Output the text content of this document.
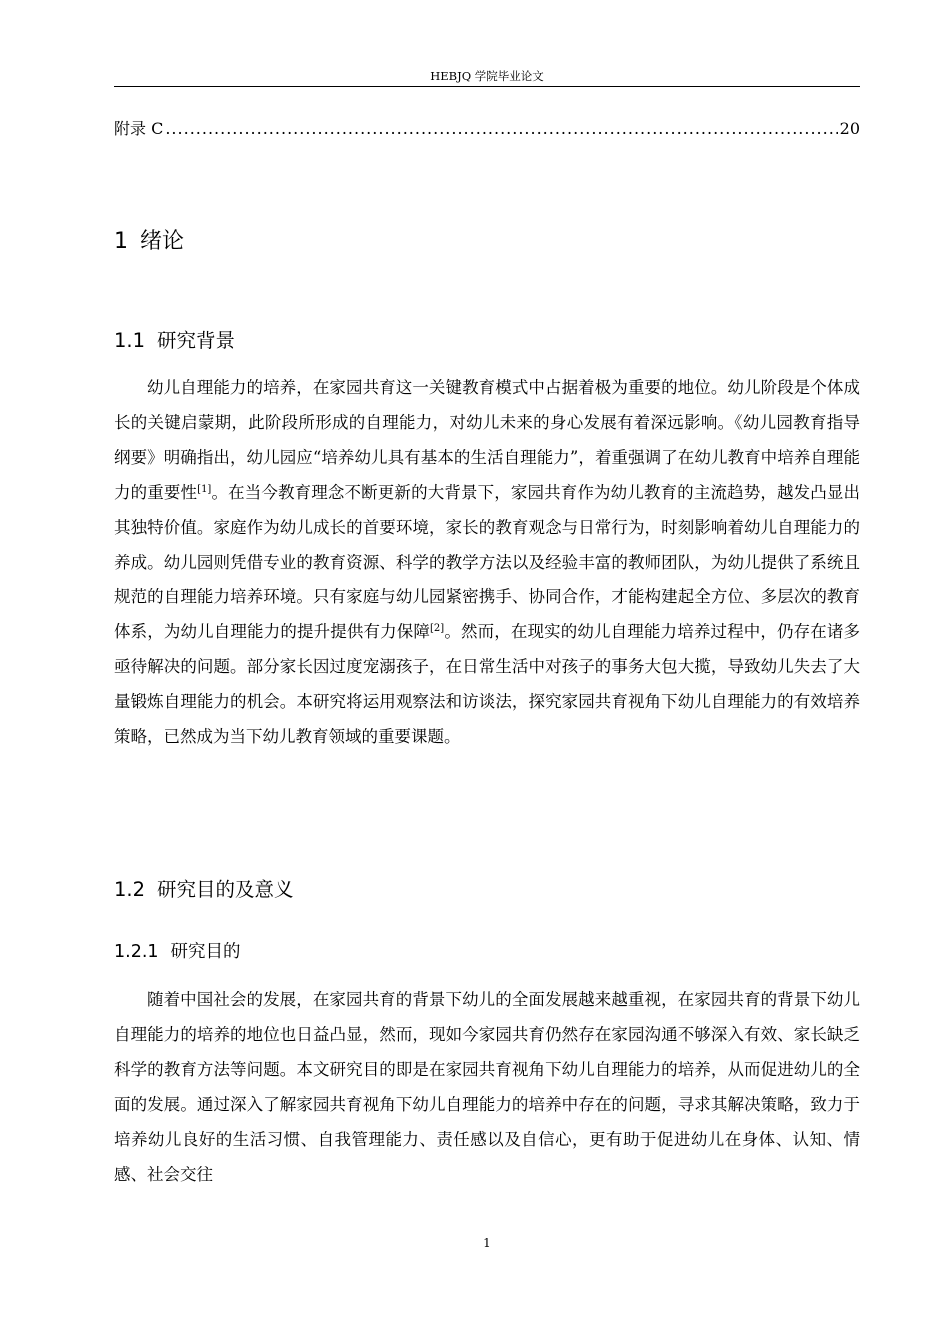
HEBJQ 学院毕业论文
附录 C
.....	20
1 绪论
1.1 研究背景

幼儿自理能力的培养，在家园共育这一关键教育模式中占据着极为重要的地位。幼儿阶段是个体成长的关键启蒙期，此阶段所形成的自理能力，对幼儿未来的身心发展有着深远影响。《幼儿园教育指导纲要》明确指出，幼儿园应“培养幼儿具有基本的生活自理能力”，着重强调了在幼儿教育中培养自理能力的重要性[1]。在当今教育理念不断更新的大背景下，家园共育作为幼儿教育的主流趋势，越发凸显出其独特价值。家庭作为幼儿成长的首要环境，家长的教育观念与日常行为，时刻影响着幼儿自理能力的养成。幼儿园则凭借专业的教育资源、科学的教学方法以及经验丰富的教师团队，为幼儿提供了系统且规范的自理能力培养环境。只有家庭与幼儿园紧密携手、协同合作，才能构建起全方位、多层次的教育体系，为幼儿自理能力的提升提供有力保障[2]。然而，在现实的幼儿自理能力培养过程中，仍存在诸多亟待解决的问题。部分家长因过度宠溺孩子，在日常生活中对孩子的事务大包大揽，导致幼儿失去了大量锻炼自理能力的机会。本研究将运用观察法和访谈法，探究家园共育视角下幼儿自理能力的有效培养策略，已然成为当下幼儿教育领域的重要课题。

1.2 研究目的及意义
1.2.1 研究目的

随着中国社会的发展，在家园共育的背景下幼儿的全面发展越来越重视，在家园共育的背景下幼儿自理能力的培养的地位也日益凸显，然而，现如今家园共育仍然存在家园沟通不够深入有效、家长缺乏科学的教育方法等问题。本文研究目的即是在家园共育视角下幼儿自理能力的培养，从而促进幼儿的全面的发展。通过深入了解家园共育视角下幼儿自理能力的培养中存在的问题，寻求其解决策略，致力于培养幼儿良好的生活习惯、自我管理能力、责任感以及自信心，更有助于促进幼儿在身体、认知、情感、社会交往

1
